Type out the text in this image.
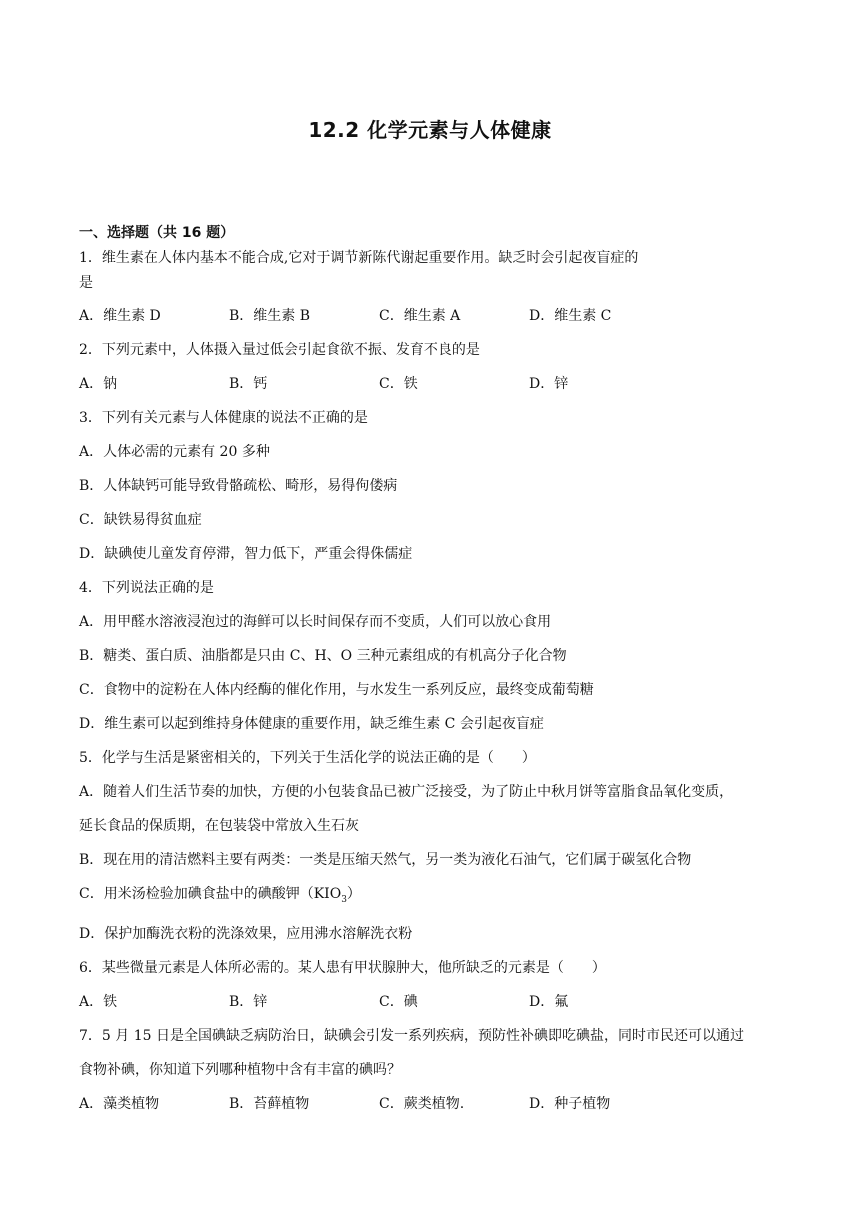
12.2 化学元素与人体健康
一、选择题（共 16 题）
1．维生素在人体内基本不能合成,它对于调节新陈代谢起重要作用。缺乏时会引起夜盲症的
是
A．维生素 D	B．维生素 B	C．维生素 A	D．维生素 C
2．下列元素中，人体摄入量过低会引起食欲不振、发育不良的是
A．钠	B．钙	C．铁	D．锌
3．下列有关元素与人体健康的说法不正确的是
A．人体必需的元素有 20 多种
B．人体缺钙可能导致骨骼疏松、畸形，易得佝偻病
C．缺铁易得贫血症
D．缺碘使儿童发育停滞，智力低下，严重会得侏儒症
4．下列说法正确的是
A．用甲醛水溶液浸泡过的海鲜可以长时间保存而不变质，人们可以放心食用
B．糖类、蛋白质、油脂都是只由 C、H、O 三种元素组成的有机高分子化合物
C．食物中的淀粉在人体内经酶的催化作用，与水发生一系列反应，最终变成葡萄糖
D．维生素可以起到维持身体健康的重要作用，缺乏维生素 C 会引起夜盲症
5．化学与生活是紧密相关的，下列关于生活化学的说法正确的是（　　）
A．随着人们生活节奏的加快，方便的小包装食品已被广泛接受，为了防止中秋月饼等富脂食品氧化变质，
延长食品的保质期，在包装袋中常放入生石灰
B．现在用的清洁燃料主要有两类：一类是压缩天然气，另一类为液化石油气，它们属于碳氢化合物
C．用米汤检验加碘食盐中的碘酸钾$(KIO_3)$
D．保护加酶洗衣粉的洗涤效果，应用沸水溶解洗衣粉
6．某些微量元素是人体所必需的。某人患有甲状腺肿大，他所缺乏的元素是（　　）
A．铁	B．锌	C．碘	D．氟
7．5 月 15 日是全国碘缺乏病防治日，缺碘会引发一系列疾病，预防性补碘即吃碘盐，同时市民还可以通过
食物补碘，你知道下列哪种植物中含有丰富的碘吗？
A．藻类植物	B．苔藓植物	C．蕨类植物.	D．种子植物
